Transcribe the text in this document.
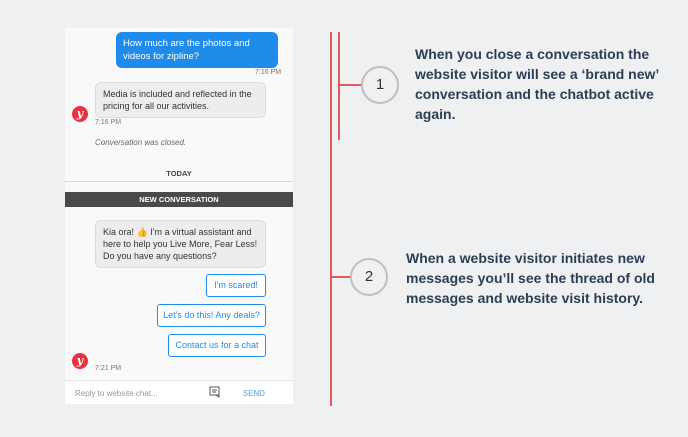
How much are the photos and videos for zipline?
7:16 PM
Media is included and reflected in the pricing for all our activities.
y
7:16 PM
Conversation was closed.
TODAY
NEW CONVERSATION
Kia ora! 👍 I'm a virtual assistant and here to help you Live More, Fear Less! Do you have any questions?
I'm scared!
Let's do this! Any deals?
Contact us for a chat
y
7:21 PM
Reply to website chat...	SEND
1
When you close a conversation the website visitor will see a ‘brand new’ conversation and the chatbot active again.
2
When a website visitor initiates new messages you’ll see the thread of old messages and website visit history.
